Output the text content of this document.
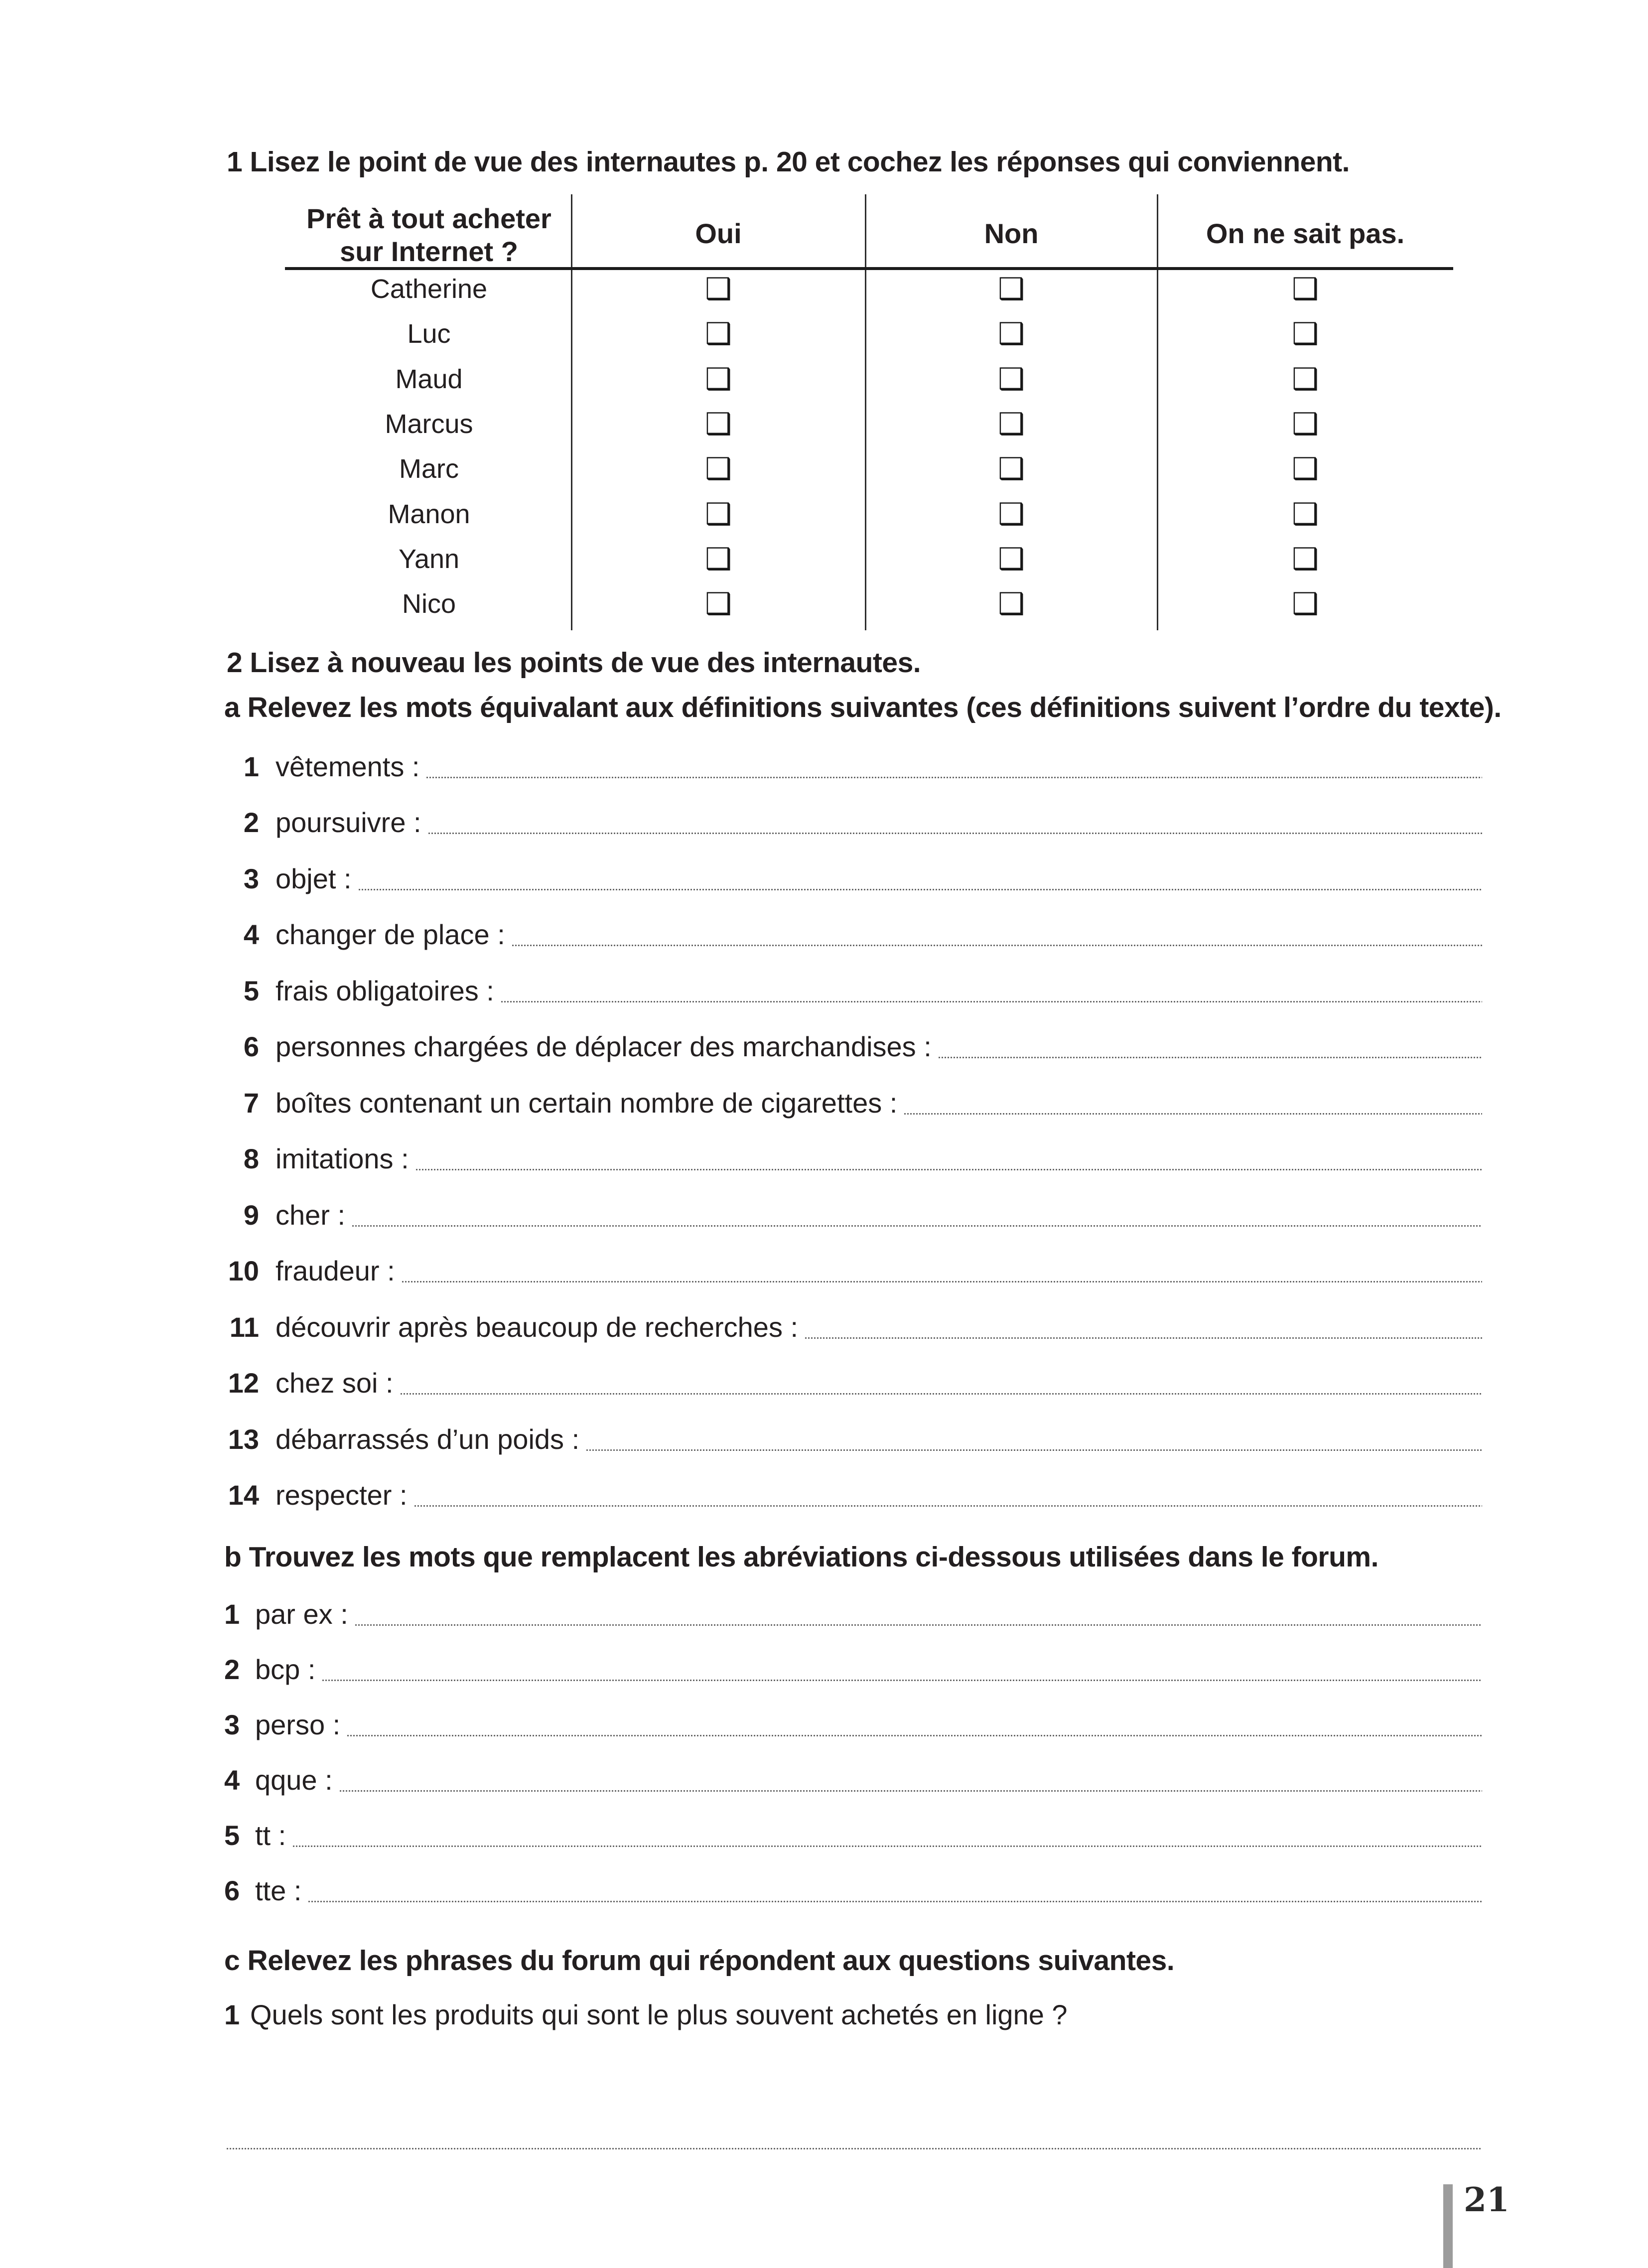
1 Lisez le point de vue des internautes p. 20 et cochez les réponses qui conviennent.
Prêt à tout acheter
sur Internet ?
Oui	Non	On ne sait pas.
Catherine	❑	❑	❑
Luc	❑	❑	❑
Maud	❑	❑	❑
Marcus	❑	❑	❑
Marc	❑	❑	❑
Manon	❑	❑	❑
Yann	❑	❑	❑
Nico	❑	❑	❑
2 Lisez à nouveau les points de vue des internautes.
a Relevez les mots équivalant aux définitions suivantes (ces définitions suivent l’ordre du texte).
1 vêtements :
2 poursuivre :
3 objet :
4 changer de place :
5 frais obligatoires :
6 personnes chargées de déplacer des marchandises :
7 boîtes contenant un certain nombre de cigarettes :
8 imitations :
9 cher :
10 fraudeur :
11 découvrir après beaucoup de recherches :
12 chez soi :
13 débarrassés d’un poids :
14 respecter :
b Trouvez les mots que remplacent les abréviations ci-dessous utilisées dans le forum.
1 par ex :
2 bcp :
3 perso :
4 qque :
5 tt :
6 tte :
c Relevez les phrases du forum qui répondent aux questions suivantes.
1 Quels sont les produits qui sont le plus souvent achetés en ligne ?
21
